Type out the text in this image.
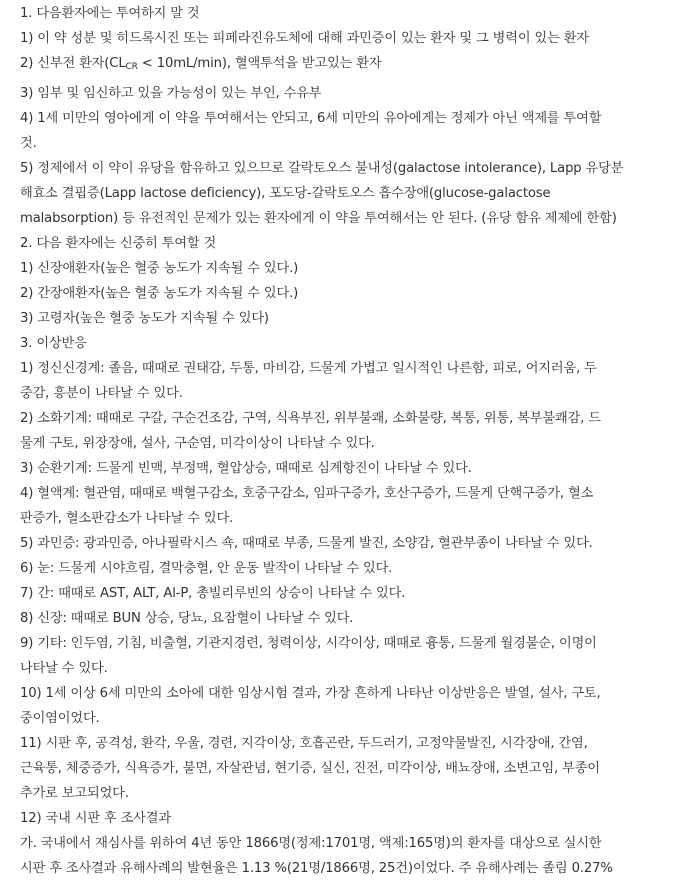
1. 다음환자에는 투여하지 말 것
1) 이 약 성분 및 히드록시진 또는 피페라진유도체에 대해 과민증이 있는 환자 및 그 병력이 있는 환자
2) 신부전 환자$(CL_{CR} < 10mL/\min)$, 혈액투석을 받고있는 환자
3) 임부 및 임신하고 있을 가능성이 있는 부인, 수유부
4) 1세 미만의 영아에게 이 약을 투여해서는 안되고, 6세 미만의 유아에게는 정제가 아닌 액제를 투여할
것.
5) 정제에서 이 약이 유당을 함유하고 있으므로 갈락토오스 불내성(galactose intolerance), Lapp 유당분
해효소 결핍증(Lapp lactose deficiency), 포도당-갈락토오스 흡수장애(glucose-galactose
malabsorption) 등 유전적인 문제가 있는 환자에게 이 약을 투여해서는 안 된다. (유당 함유 제제에 한함)
2. 다음 환자에는 신중히 투여할 것
1) 신장애환자(높은 혈중 농도가 지속될 수 있다.)
2) 간장애환자(높은 혈중 농도가 지속될 수 있다.)
3) 고령자(높은 혈중 농도가 지속될 수 있다)
3. 이상반응
1) 정신신경계: 졸음, 때때로 권태감, 두통, 마비감, 드물게 가볍고 일시적인 나른함, 피로, 어지러움, 두
중감, 흥분이 나타날 수 있다.
2) 소화기계: 때때로 구갈, 구순건조감, 구역, 식욕부진, 위부불쾌, 소화불량, 복통, 위통, 복부불쾌감, 드
물게 구토, 위장장애, 설사, 구순염, 미각이상이 나타날 수 있다.
3) 순환기계: 드물게 빈맥, 부정맥, 혈압상승, 때때로 심계항진이 나타날 수 있다.
4) 혈액계: 혈관염, 때때로 백혈구감소, 호중구감소, 임파구증가, 호산구증가, 드물게 단핵구증가, 혈소
판증가, 혈소판감소가 나타날 수 있다.
5) 과민증: 광과민증, 아나필락시스 쇽, 때때로 부종, 드물게 발진, 소양감, 혈관부종이 나타날 수 있다.
6) 눈: 드물게 시야흐림, 결막충혈, 안 운동 발작이 나타날 수 있다.
7) 간: 때때로 AST, ALT, Al-P, 총빌리루빈의 상승이 나타날 수 있다.
8) 신장: 때때로 BUN 상승, 당뇨, 요잠혈이 나타날 수 있다.
9) 기타: 인두염, 기침, 비출혈, 기관지경련, 청력이상, 시각이상, 때때로 흉통, 드물게 월경불순, 이명이
나타날 수 있다.
10) 1세 이상 6세 미만의 소아에 대한 임상시험 결과, 가장 흔하게 나타난 이상반응은 발열, 설사, 구토,
중이염이었다.
11) 시판 후, 공격성, 환각, 우울, 경련, 지각이상, 호흡곤란, 두드러기, 고정약물발진, 시각장애, 간염,
근육통, 체중증가, 식욕증가, 불면, 자살관념, 현기증, 실신, 진전, 미각이상, 배뇨장애, 소변고임, 부종이
추가로 보고되었다.
12) 국내 시판 후 조사결과
가. 국내에서 재심사를 위하여 4년 동안 1866명(정제:1701명, 액제:165명)의 환자를 대상으로 실시한
시판 후 조사결과 유해사례의 발현율은 1.13 %(21명/1866명, 25건)이었다. 주 유해사례는 졸림 0.27%
